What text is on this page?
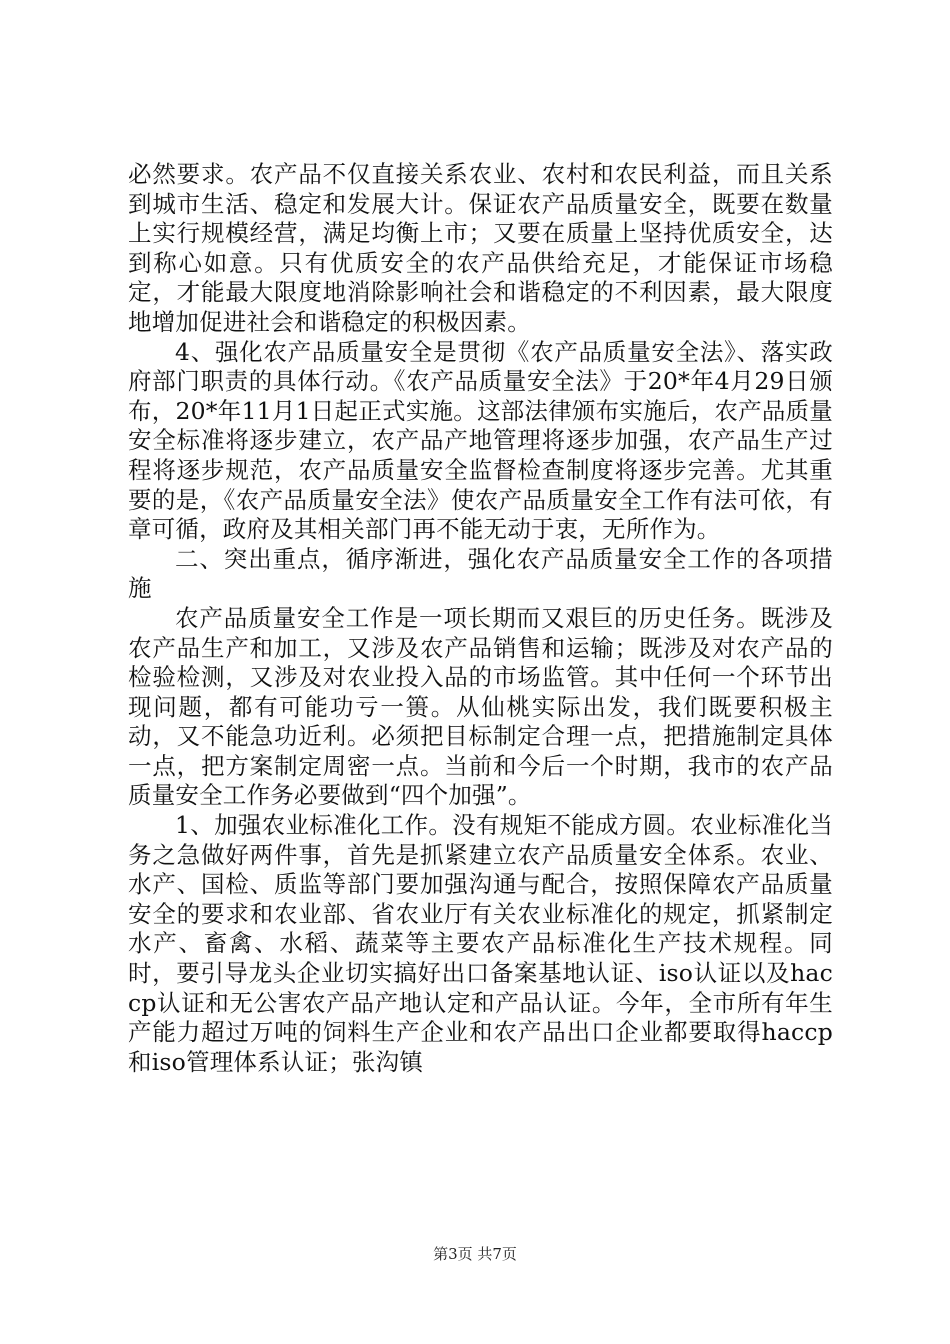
必然要求。农产品不仅直接关系农业、农村和农民利益，而且关系到城市生活、稳定和发展大计。保证农产品质量安全，既要在数量上实行规模经营，满足均衡上市；又要在质量上坚持优质安全，达到称心如意。只有优质安全的农产品供给充足，才能保证市场稳定，才能最大限度地消除影响社会和谐稳定的不利因素，最大限度地增加促进社会和谐稳定的积极因素。

4、强化农产品质量安全是贯彻《农产品质量安全法》、落实政府部门职责的具体行动。《农产品质量安全法》于20*年4月29日颁布，20*年11月1日起正式实施。这部法律颁布实施后，农产品质量安全标准将逐步建立，农产品产地管理将逐步加强，农产品生产过程将逐步规范，农产品质量安全监督检查制度将逐步完善。尤其重要的是，《农产品质量安全法》使农产品质量安全工作有法可依，有章可循，政府及其相关部门再不能无动于衷，无所作为。

二、突出重点，循序渐进，强化农产品质量安全工作的各项措施

农产品质量安全工作是一项长期而又艰巨的历史任务。既涉及农产品生产和加工，又涉及农产品销售和运输；既涉及对农产品的检验检测，又涉及对农业投入品的市场监管。其中任何一个环节出现问题，都有可能功亏一篑。从仙桃实际出发，我们既要积极主动，又不能急功近利。必须把目标制定合理一点，把措施制定具体一点，把方案制定周密一点。当前和今后一个时期，我市的农产品质量安全工作务必要做到“四个加强”。

1、加强农业标准化工作。没有规矩不能成方圆。农业标准化当务之急做好两件事，首先是抓紧建立农产品质量安全体系。农业、水产、国检、质监等部门要加强沟通与配合，按照保障农产品质量安全的要求和农业部、省农业厅有关农业标准化的规定，抓紧制定水产、畜禽、水稻、蔬菜等主要农产品标准化生产技术规程。同时，要引导龙头企业切实搞好出口备案基地认证、iso认证以及haccp认证和无公害农产品产地认定和产品认证。今年，全市所有年生产能力超过万吨的饲料生产企业和农产品出口企业都要取得haccp和iso管理体系认证；张沟镇

第3页 共7页
